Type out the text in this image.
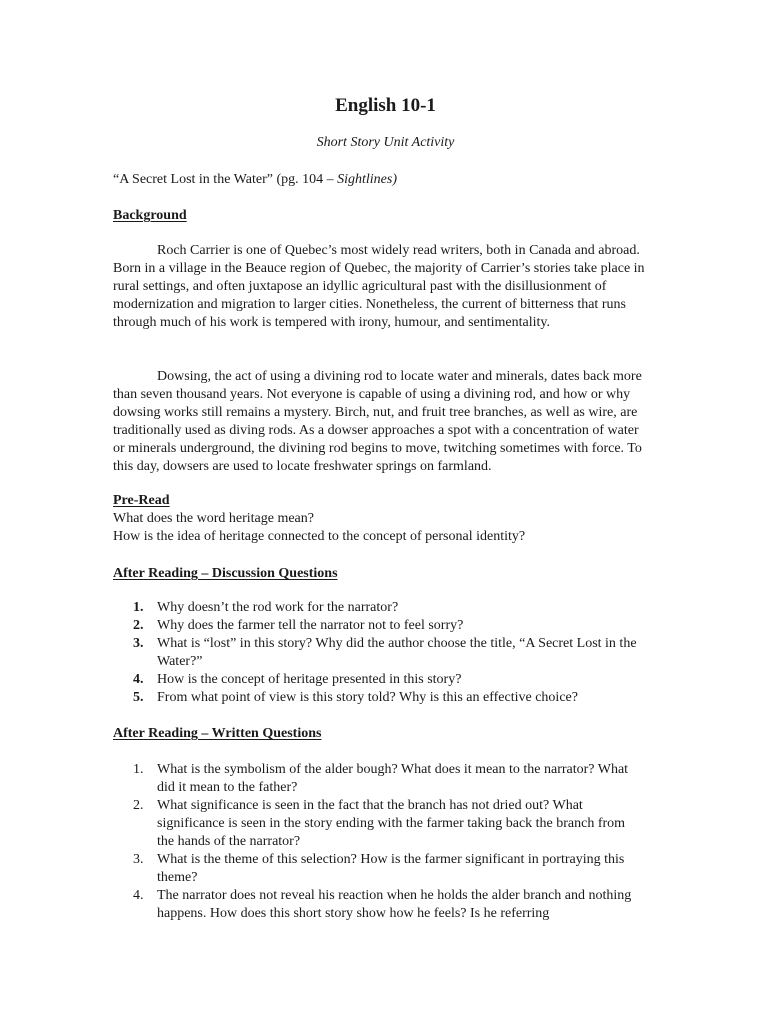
English 10-1
Short Story Unit Activity
“A Secret Lost in the Water” (pg. 104 – Sightlines)
Background

Roch Carrier is one of Quebec’s most widely read writers, both in Canada and abroad. Born in a village in the Beauce region of Quebec, the majority of Carrier’s stories take place in rural settings, and often juxtapose an idyllic agricultural past with the disillusionment of modernization and migration to larger cities. Nonetheless, the current of bitterness that runs through much of his work is tempered with irony, humour, and sentimentality.

Dowsing, the act of using a divining rod to locate water and minerals, dates back more than seven thousand years. Not everyone is capable of using a divining rod, and how or why dowsing works still remains a mystery. Birch, nut, and fruit tree branches, as well as wire, are traditionally used as diving rods. As a dowser approaches a spot with a concentration of water or minerals underground, the divining rod begins to move, twitching sometimes with force. To this day, dowsers are used to locate freshwater springs on farmland.

Pre-Read
What does the word heritage mean?
How is the idea of heritage connected to the concept of personal identity?
After Reading – Discussion Questions
1. Why doesn’t the rod work for the narrator?
2. Why does the farmer tell the narrator not to feel sorry?
3. What is “lost” in this story? Why did the author choose the title, “A Secret Lost in the Water?”
4. How is the concept of heritage presented in this story?
5. From what point of view is this story told? Why is this an effective choice?
After Reading – Written Questions
1. What is the symbolism of the alder bough? What does it mean to the narrator? What did it mean to the father?
2. What significance is seen in the fact that the branch has not dried out? What significance is seen in the story ending with the farmer taking back the branch from the hands of the narrator?
3. What is the theme of this selection? How is the farmer significant in portraying this theme?
4. The narrator does not reveal his reaction when he holds the alder branch and nothing happens. How does this short story show how he feels? Is he referring
